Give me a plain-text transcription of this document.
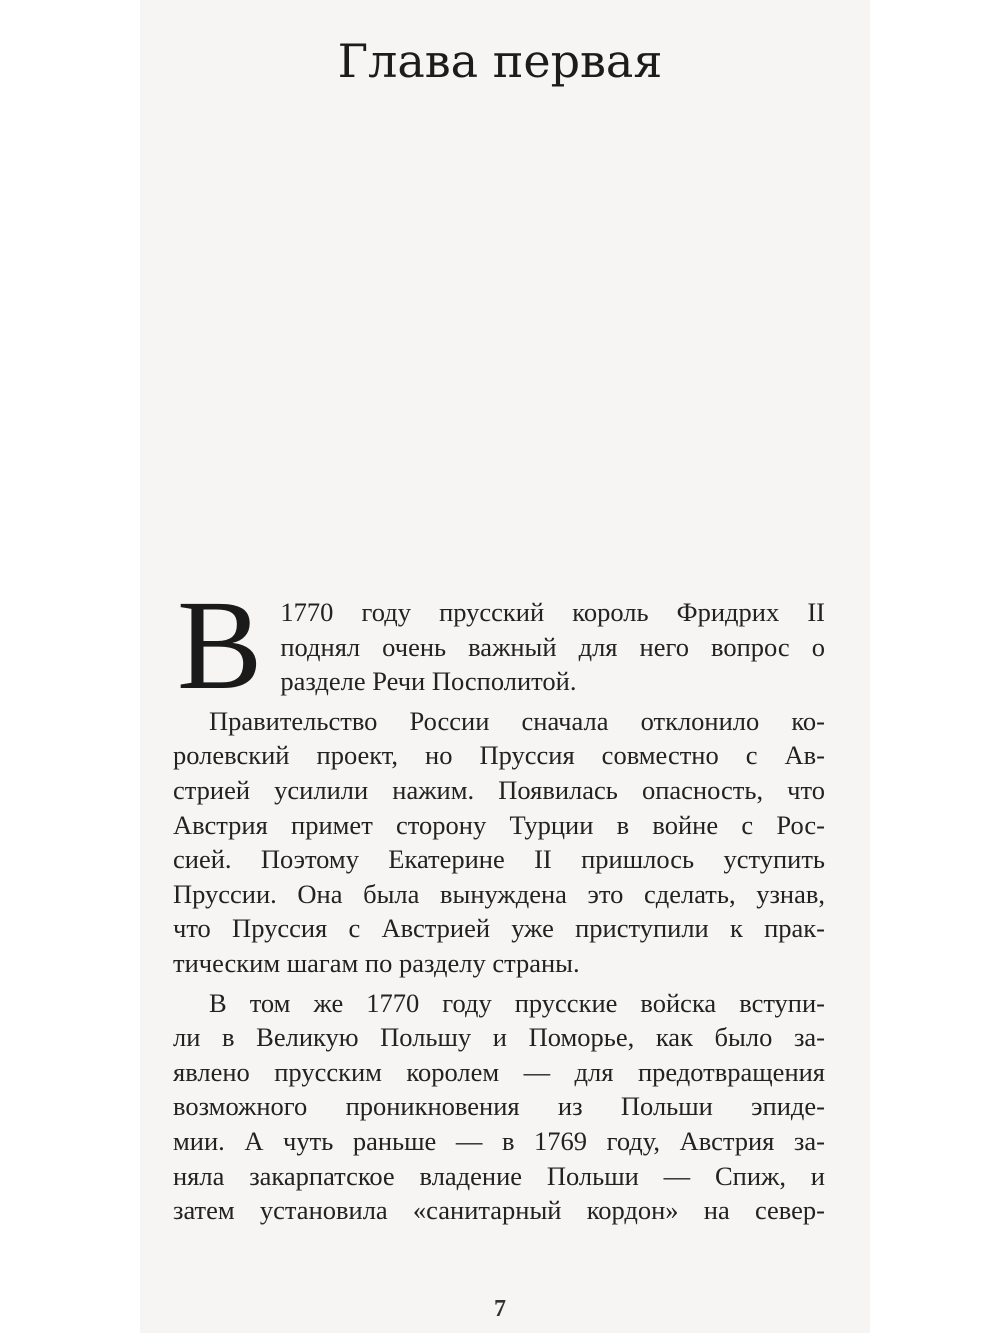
Глава первая
В 1770 году прусский король Фридрих II
поднял очень важный для него вопрос о
разделе Речи Посполитой.
Правительство России сначала отклонило ко-
ролевский проект, но Пруссия совместно с Ав-
стрией усилили нажим. Появилась опасность, что
Австрия примет сторону Турции в войне с Рос-
сией. Поэтому Екатерине II пришлось уступить
Пруссии. Она была вынуждена это сделать, узнав,
что Пруссия с Австрией уже приступили к прак-
тическим шагам по разделу страны.
В том же 1770 году прусские войска вступи-
ли в Великую Польшу и Поморье, как было за-
явлено прусским королем — для предотвращения
возможного проникновения из Польши эпиде-
мии. А чуть раньше — в 1769 году, Австрия за-
няла закарпатское владение Польши — Спиж, и
затем установила «санитарный кордон» на север-
7
